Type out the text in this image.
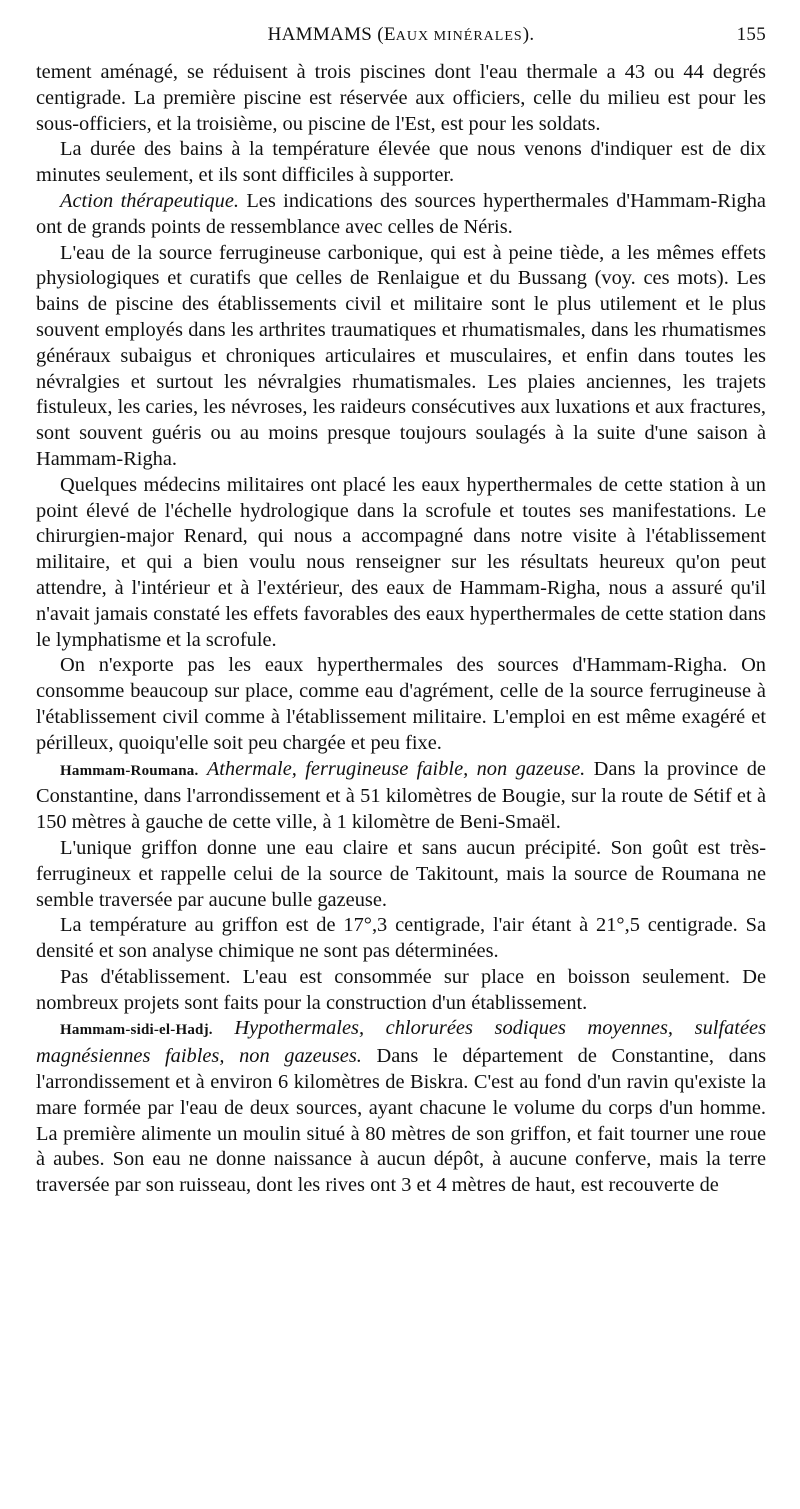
HAMMAMS (EAUX MINÉRALES).	155

tement aménagé, se réduisent à trois piscines dont l'eau thermale a 43 ou 44 degrés centigrade. La première piscine est réservée aux officiers, celle du milieu est pour les sous-officiers, et la troisième, ou piscine de l'Est, est pour les soldats.

La durée des bains à la température élevée que nous venons d'indiquer est de dix minutes seulement, et ils sont difficiles à supporter.

Action thérapeutique. Les indications des sources hyperthermales d'Hammam-Righa ont de grands points de ressemblance avec celles de Néris.

L'eau de la source ferrugineuse carbonique, qui est à peine tiède, a les mêmes effets physiologiques et curatifs que celles de Renlaigue et du Bussang (voy. ces mots). Les bains de piscine des établissements civil et militaire sont le plus utilement et le plus souvent employés dans les arthrites traumatiques et rhumatismales, dans les rhumatismes généraux subaigus et chroniques articulaires et musculaires, et enfin dans toutes les névralgies et surtout les névralgies rhumatismales. Les plaies anciennes, les trajets fistuleux, les caries, les névroses, les raideurs consécutives aux luxations et aux fractures, sont souvent guéris ou au moins presque toujours soulagés à la suite d'une saison à Hammam-Righa.

Quelques médecins militaires ont placé les eaux hyperthermales de cette station à un point élevé de l'échelle hydrologique dans la scrofule et toutes ses manifestations. Le chirurgien-major Renard, qui nous a accompagné dans notre visite à l'établissement militaire, et qui a bien voulu nous renseigner sur les résultats heureux qu'on peut attendre, à l'intérieur et à l'extérieur, des eaux de Hammam-Righa, nous a assuré qu'il n'avait jamais constaté les effets favorables des eaux hyperthermales de cette station dans le lymphatisme et la scrofule.

On n'exporte pas les eaux hyperthermales des sources d'Hammam-Righa. On consomme beaucoup sur place, comme eau d'agrément, celle de la source ferrugineuse à l'établissement civil comme à l'établissement militaire. L'emploi en est même exagéré et périlleux, quoiqu'elle soit peu chargée et peu fixe.

Hammam-Roumana. Athermale, ferrugineuse faible, non gazeuse. Dans la province de Constantine, dans l'arrondissement et à 51 kilomètres de Bougie, sur la route de Sétif et à 150 mètres à gauche de cette ville, à 1 kilomètre de Beni-Smaël.

L'unique griffon donne une eau claire et sans aucun précipité. Son goût est très-ferrugineux et rappelle celui de la source de Takitount, mais la source de Roumana ne semble traversée par aucune bulle gazeuse.

La température au griffon est de 17°,3 centigrade, l'air étant à 21°,5 centigrade. Sa densité et son analyse chimique ne sont pas déterminées.

Pas d'établissement. L'eau est consommée sur place en boisson seulement. De nombreux projets sont faits pour la construction d'un établissement.

Hammam-sidi-el-Hadj. Hypothermales, chlorurées sodiques moyennes, sulfatées magnésiennes faibles, non gazeuses. Dans le département de Constantine, dans l'arrondissement et à environ 6 kilomètres de Biskra. C'est au fond d'un ravin qu'existe la mare formée par l'eau de deux sources, ayant chacune le volume du corps d'un homme. La première alimente un moulin situé à 80 mètres de son griffon, et fait tourner une roue à aubes. Son eau ne donne naissance à aucun dépôt, à aucune conferve, mais la terre traversée par son ruisseau, dont les rives ont 3 et 4 mètres de haut, est recouverte de
